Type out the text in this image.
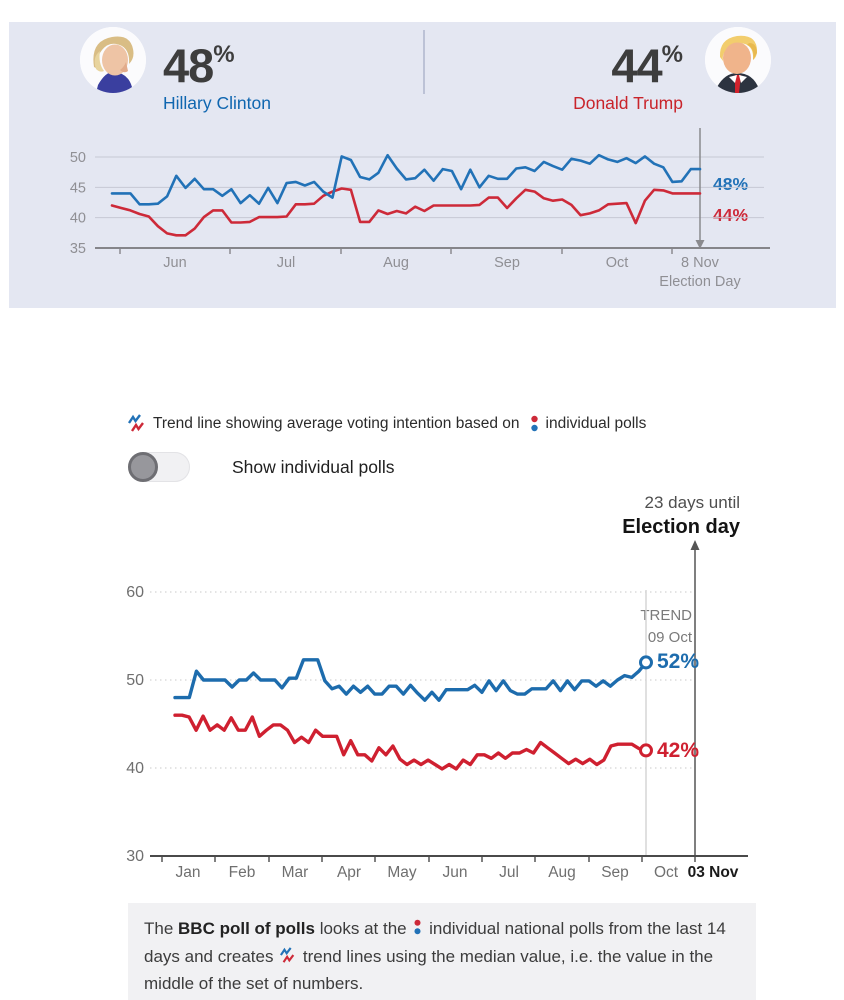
48%
Hillary Clinton
44%
Donald Trump
48%
44%
35
40
45
50
Jun	Jul	Aug	Sep	Oct	8 Nov
Election Day
Trend line showing average voting intention based on individual polls
Show individual polls
23 days until
Election day
TREND
09 Oct
30
40
50
60
Jan Feb Mar Apr May Jun Jul Aug Sep Oct 03 Nov
52%
42%
The BBC poll of polls looks at the  individual national polls from the last 14 days and creates  trend lines using the median value, i.e. the value in the middle of the set of numbers.
